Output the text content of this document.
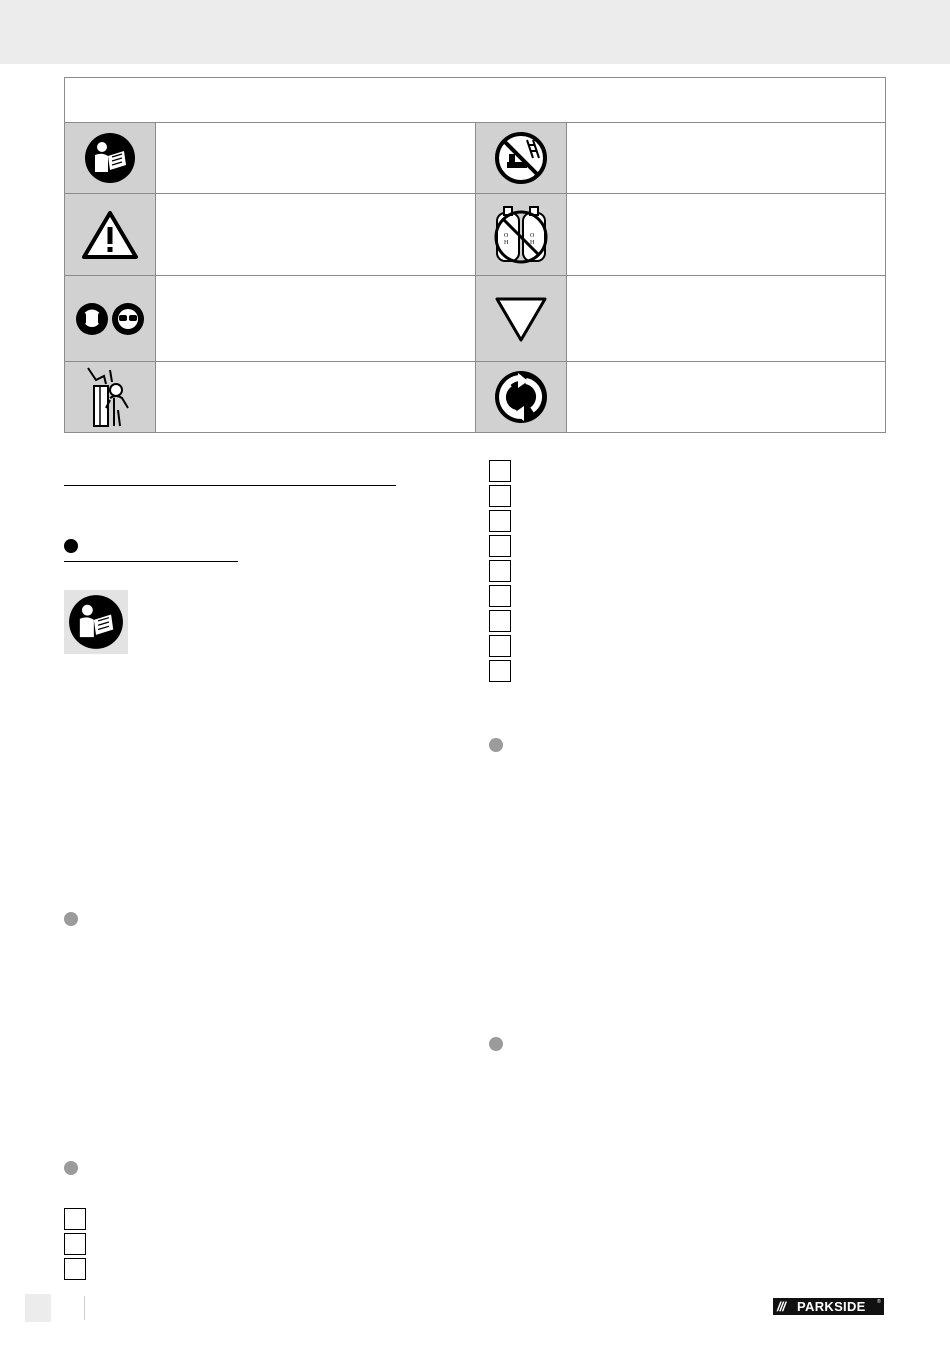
O
H
O
H
/// PARKSIDE ®
